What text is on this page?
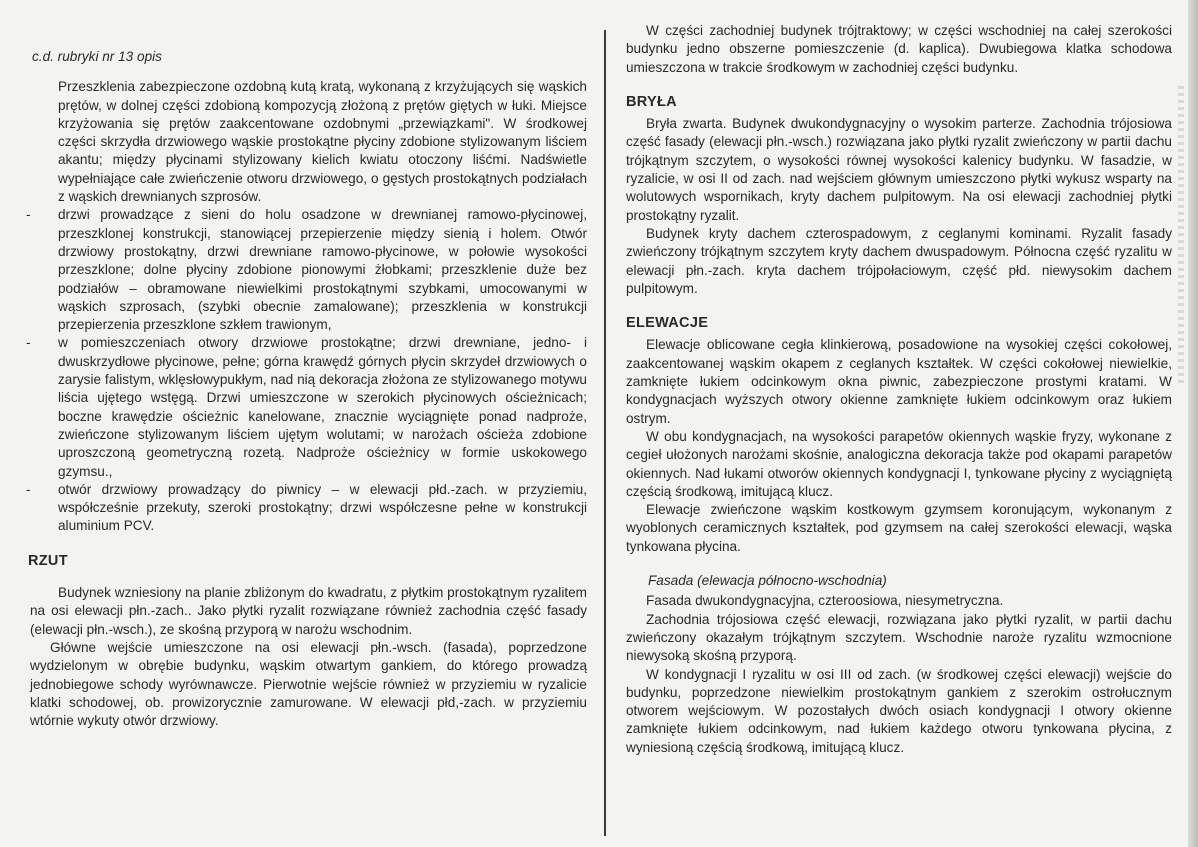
c.d. rubryki nr 13 opis

Przeszklenia zabezpieczone ozdobną kutą kratą, wykonaną z krzyżujących się wąskich prętów, w dolnej części zdobioną kompozycją złożoną z prętów giętych w łuki. Miejsce krzyżowania się prętów zaakcentowane ozdobnymi „przewiązkami". W środkowej części skrzydła drzwiowego wąskie prostokątne płyciny zdobione stylizowanym liściem akantu; między płycinami stylizowany kielich kwiatu otoczony liśćmi. Nadświetle wypełniające całe zwieńczenie otworu drzwiowego, o gęstych prostokątnych podziałach z wąskich drewnianych szprosów.

- drzwi prowadzące z sieni do holu osadzone w drewnianej ramowo-płycinowej, przeszklonej konstrukcji, stanowiącej przepierzenie między sienią i holem. Otwór drzwiowy prostokątny, drzwi drewniane ramowo-płycinowe, w połowie wysokości przeszklone; dolne płyciny zdobione pionowymi żłobkami; przeszklenie duże bez podziałów – obramowane niewielkimi prostokątnymi szybkami, umocowanymi w wąskich szprosach, (szybki obecnie zamalowane); przeszklenia w konstrukcji przepierzenia przeszklone szkłem trawionym,

- w pomieszczeniach otwory drzwiowe prostokątne; drzwi drewniane, jedno- i dwuskrzydłowe płycinowe, pełne; górna krawędź górnych płycin skrzydeł drzwiowych o zarysie falistym, wklęsłowypukłym, nad nią dekoracja złożona ze stylizowanego motywu liścia ujętego wstęgą. Drzwi umieszczone w szerokich płycinowych ościeżnicach; boczne krawędzie ościeżnic kanelowane, znacznie wyciągnięte ponad nadproże, zwieńczone stylizowanym liściem ujętym wolutami; w narożach ościeża zdobione uproszczoną geometryczną rozetą. Nadproże ościeżnicy w formie uskokowego gzymsu.,

- otwór drzwiowy prowadzący do piwnicy – w elewacji płd.-zach. w przyziemiu, współcześnie przekuty, szeroki prostokątny; drzwi współczesne pełne w konstrukcji aluminium PCV.

RZUT

Budynek wzniesiony na planie zbliżonym do kwadratu, z płytkim prostokątnym ryzalitem na osi elewacji płn.-zach.. Jako płytki ryzalit rozwiązane również zachodnia część fasady (elewacji płn.-wsch.), ze skośną przyporą w narożu wschodnim.

Główne wejście umieszczone na osi elewacji płn.-wsch. (fasada), poprzedzone wydzielonym w obrębie budynku, wąskim otwartym gankiem, do którego prowadzą jednobiegowe schody wyrównawcze. Pierwotnie wejście również w przyziemiu w ryzalicie klatki schodowej, ob. prowizorycznie zamurowane. W elewacji płd,-zach. w przyziemiu wtórnie wykuty otwór drzwiowy.

W części zachodniej budynek trójtraktowy; w części wschodniej na całej szerokości budynku jedno obszerne pomieszczenie (d. kaplica). Dwubiegowa klatka schodowa umieszczona w trakcie środkowym w zachodniej części budynku.

BRYŁA

Bryła zwarta. Budynek dwukondygnacyjny o wysokim parterze. Zachodnia trójosiowa część fasady (elewacji płn.-wsch.) rozwiązana jako płytki ryzalit zwieńczony w partii dachu trójkątnym szczytem, o wysokości równej wysokości kalenicy budynku. W fasadzie, w ryzalicie, w osi II od zach. nad wejściem głównym umieszczono płytki wykusz wsparty na wolutowych wspornikach, kryty dachem pulpitowym. Na osi elewacji zachodniej płytki prostokątny ryzalit.

Budynek kryty dachem czterospadowym, z ceglanymi kominami. Ryzalit fasady zwieńczony trójkątnym szczytem kryty dachem dwuspadowym. Północna część ryzalitu w elewacji płn.-zach. kryta dachem trójpołaciowym, część płd. niewysokim dachem pulpitowym.

ELEWACJE

Elewacje oblicowane cegła klinkierową, posadowione na wysokiej części cokołowej, zaakcentowanej wąskim okapem z ceglanych kształtek. W części cokołowej niewielkie, zamknięte łukiem odcinkowym okna piwnic, zabezpieczone prostymi kratami. W kondygnacjach wyższych otwory okienne zamknięte łukiem odcinkowym oraz łukiem ostrym.

W obu kondygnacjach, na wysokości parapetów okiennych wąskie fryzy, wykonane z cegieł ułożonych narożami skośnie, analogiczna dekoracja także pod okapami parapetów okiennych. Nad łukami otworów okiennych kondygnacji I, tynkowane płyciny z wyciągniętą częścią środkową, imitującą klucz.

Elewacje zwieńczone wąskim kostkowym gzymsem koronującym, wykonanym z wyoblonych ceramicznych kształtek, pod gzymsem na całej szerokości elewacji, wąska tynkowana płycina.

Fasada (elewacja północno-wschodnia)

Fasada dwukondygnacyjna, czteroosiowa, niesymetryczna.

Zachodnia trójosiowa część elewacji, rozwiązana jako płytki ryzalit, w partii dachu zwieńczony okazałym trójkątnym szczytem. Wschodnie naroże ryzalitu wzmocnione niewysoką skośną przyporą.

W kondygnacji I ryzalitu w osi III od zach. (w środkowej części elewacji) wejście do budynku, poprzedzone niewielkim prostokątnym gankiem z szerokim ostrołucznym otworem wejściowym. W pozostałych dwóch osiach kondygnacji I otwory okienne zamknięte łukiem odcinkowym, nad łukiem każdego otworu tynkowana płycina, z wyniesioną częścią środkową, imitującą klucz.
